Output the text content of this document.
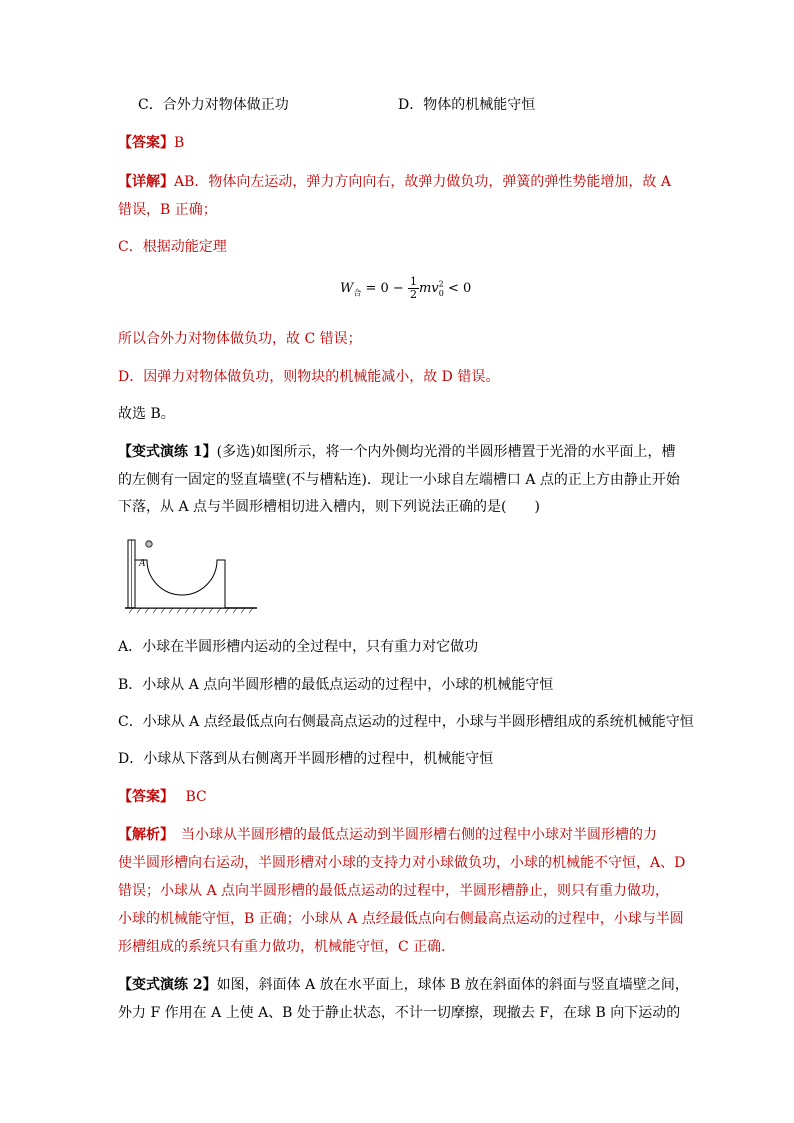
C．合外力对物体做正功	D．物体的机械能守恒
【答案】B
【详解】AB．物体向左运动，弹力方向向右，故弹力做负功，弹簧的弹性势能增加，故 A
错误，B 正确；
C．根据动能定理
$W_合 = 0 - \frac{1}{2} mv^2_0 < 0$
所以合外力对物体做负功，故 C 错误；
D．因弹力对物体做负功，则物块的机械能减小，故 D 错误。
故选 B。
【变式演练 1】(多选)如图所示，将一个内外侧均光滑的半圆形槽置于光滑的水平面上，槽
的左侧有一固定的竖直墙壁(不与槽粘连)．现让一小球自左端槽口 A 点的正上方由静止开始
下落，从 A 点与半圆形槽相切进入槽内，则下列说法正确的是(　　)
A
A．小球在半圆形槽内运动的全过程中，只有重力对它做功
B．小球从 A 点向半圆形槽的最低点运动的过程中，小球的机械能守恒
C．小球从 A 点经最低点向右侧最高点运动的过程中，小球与半圆形槽组成的系统机械能守恒
D．小球从下落到从右侧离开半圆形槽的过程中，机械能守恒
【答案】　 BC
【解析】　当小球从半圆形槽的最低点运动到半圆形槽右侧的过程中小球对半圆形槽的力
使半圆形槽向右运动，半圆形槽对小球的支持力对小球做负功，小球的机械能不守恒，A、D
错误；小球从 A 点向半圆形槽的最低点运动的过程中，半圆形槽静止，则只有重力做功，
小球的机械能守恒，B 正确；小球从 A 点经最低点向右侧最高点运动的过程中，小球与半圆
形槽组成的系统只有重力做功，机械能守恒，C 正确．
【变式演练 2】如图，斜面体 A 放在水平面上，球体 B 放在斜面体的斜面与竖直墙壁之间，
外力 F 作用在 A 上使 A、B 处于静止状态，不计一切摩擦，现撤去 F，在球 B 向下运动的
